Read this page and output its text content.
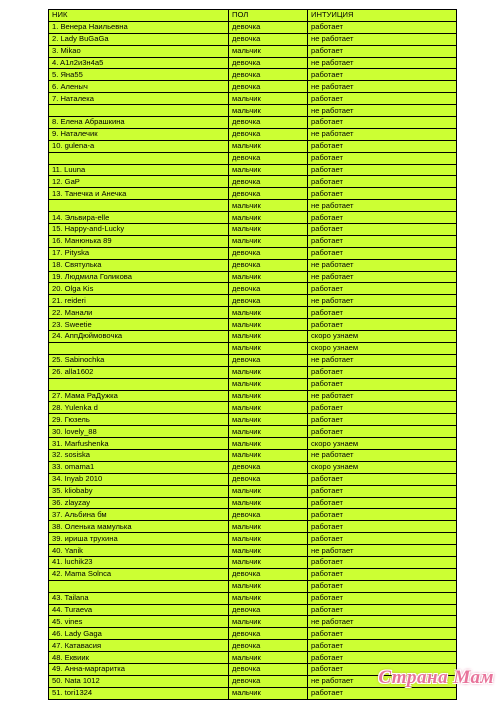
НИК	ПОЛ	ИНТУИЦИЯ
1. Венера Наильевна	девочка	работает
2. Lady BuGaGa	девочка	не работает
3. Mikao	мальчик	работает
4. A1л2и3н4а5	девочка	не работает
5. Яна55	девочка	работает
6. Аленыч	девочка	не работает
7. Наталека	мальчик	работает
	мальчик	не работает
8. Елена Абрашкина	девочка	работает
9. Наталечик	девочка	не работает
10. gulena-a	мальчик	работает
	девочка	работает
11. Luuna	мальчик	работает
12. GaP	девочка	работает
13. Танечка и Анечка	девочка	работает
	мальчик	не работает
14. Эльвира-elle	мальчик	работает
15. Happy-and-Lucky	мальчик	работает
16. Манюнька 89	мальчик	работает
17. Pityska	девочка	работает
18. Святулька	девочка	не работает
19. Людмила Голикова	мальчик	не работает
20. Olga Kis	девочка	работает
21. reideri	девочка	не работает
22. Манали	мальчик	работает
23. Sweetie	мальчик	работает
24. АппДюймовочка	мальчик	скоро узнаем
	мальчик	скоро узнаем
25. Sabinochka	девочка	не работает
26. alla1602	мальчик	работает
	мальчик	работает
27. Мама РаДужка	мальчик	не работает
28. Yulenka d	мальчик	работает
29. Гюзель	мальчик	работает
30. lovely_88	мальчик	работает
31. Marfushenka	мальчик	скоро узнаем
32. sosiska	мальчик	не работает
33. omama1	девочка	скоро узнаем
34. Inyab 2010	девочка	работает
35. kliobaby	мальчик	работает
36. zlayzay	мальчик	работает
37. Альбина бм	девочка	работает
38. Оленька мамулька	мальчик	работает
39. ириша трухина	мальчик	работает
40. Yanik	мальчик	не работает
41. luchik23	мальчик	работает
42. Mama Solnca	девочка	работает
	мальчик	работает
43. Tailana	мальчик	работает
44. Turaeva	девочка	работает
45. vines	мальчик	не работает
46. Lady Gaga	девочка	работает
47. Катавасия	девочка	работает
48. Еквиик	мальчик	работает
49. Анна-маргаритка	девочка	работает
50. Nata 1012	девочка	не работает
51. tori1324	мальчик	работает
Страна Мам
